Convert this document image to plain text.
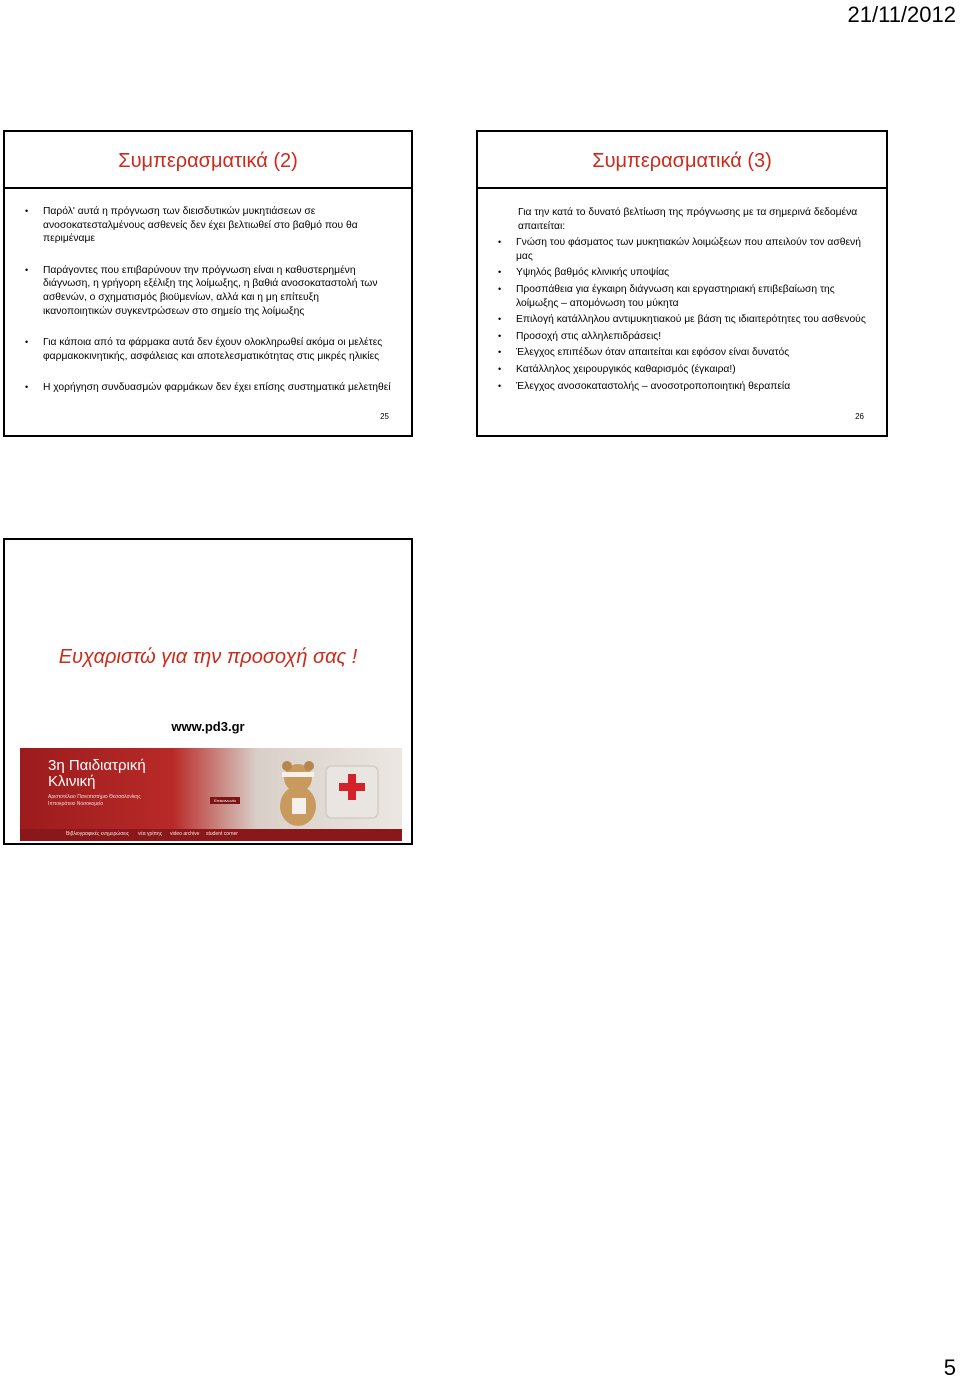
21/11/2012
Συμπερασματικά (2)
• Παρόλ' αυτά η πρόγνωση των διεισδυτικών μυκητιάσεων σε ανοσοκατεσταλμένους ασθενείς δεν έχει βελτιωθεί στο βαθμό που θα περιμέναμε
• Παράγοντες που επιβαρύνουν την πρόγνωση είναι η καθυστερημένη διάγνωση, η γρήγορη εξέλιξη της λοίμωξης, η βαθιά ανοσοκαταστολή των ασθενών, ο σχηματισμός βιοϋμενίων, αλλά και η μη επίτευξη ικανοποιητικών συγκεντρώσεων στο σημείο της λοίμωξης
• Για κάποια από τα φάρμακα αυτά δεν έχουν ολοκληρωθεί ακόμα οι μελέτες φαρμακοκινητικής, ασφάλειας και αποτελεσματικότητας στις μικρές ηλικίες
• Η χορήγηση συνδυασμών φαρμάκων δεν έχει επίσης συστηματικά μελετηθεί
25
Συμπερασματικά (3)
Για την κατά το δυνατό βελτίωση της πρόγνωσης με τα σημερινά δεδομένα απαιτείται:
• Γνώση του φάσματος των μυκητιακών λοιμώξεων που απειλούν τον ασθενή μας
• Υψηλός βαθμός κλινικής υποψίας
• Προσπάθεια για έγκαιρη διάγνωση και εργαστηριακή επιβεβαίωση της λοίμωξης – απομόνωση του μύκητα
• Επιλογή κατάλληλου αντιμυκητιακού με βάση τις ιδιαιτερότητες του ασθενούς
• Προσοχή στις αλληλεπιδράσεις!
• Έλεγχος επιπέδων όταν απαιτείται και εφόσον είναι δυνατός
• Κατάλληλος χειρουργικός καθαρισμός (έγκαιρα!)
• Έλεγχος ανοσοκαταστολής – ανοσοτροποποιητική θεραπεία
26
Ευχαριστώ για την προσοχή σας !
www.pd3.gr
3η Παιδιατρική Κλινική
Αριστοτέλειο Πανεπιστήμιο Θεσσαλονίκης Ιπποκράτειο Νοσοκομείο
Επικοινωνία
Βιβλιογραφικές ενημερώσεις νέα γρίπης video archive student corner
5
